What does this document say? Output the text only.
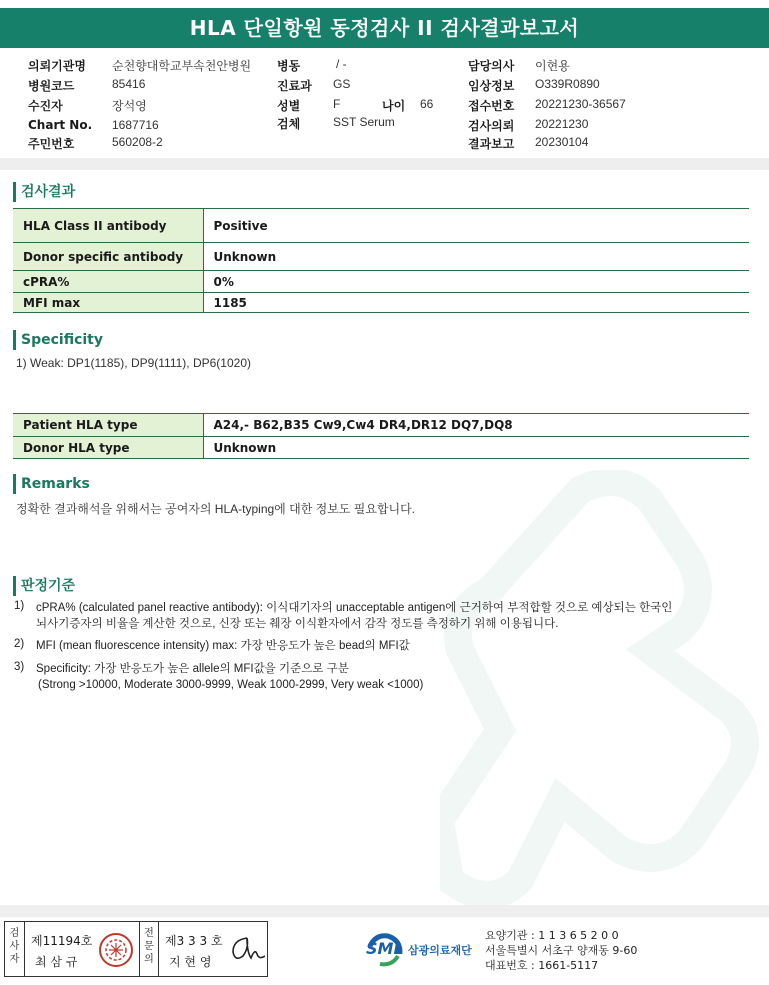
HLA 단일항원 동정검사 II 검사결과보고서
의뢰기관명 순천향대학교부속천안병원
병원코드	85416
수진자	장석영
Chart No. 1687716
주민번호	560208-2
병동	/ -
진료과 GS
성별	F	나이 66
검체	SST Serum
담당의사 이현용
임상정보 O339R0890
접수번호 20221230-36567
검사의뢰 20221230
결과보고 20230104
검사결과
HLA Class II antibody	Positive
Donor specific antibody	Unknown
cPRA%	0%
MFI max	1185
Specificity
1) Weak: DP1(1185), DP9(1111), DP6(1020)
Patient HLA type	A24,- B62,B35 Cw9,Cw4 DR4,DR12 DQ7,DQ8
Donor HLA type	Unknown
Remarks
정확한 결과해석을 위해서는 공여자의 HLA-typing에 대한 정보도 필요합니다.
판정기준
1) cPRA% (calculated panel reactive antibody): 이식대기자의 unacceptable antigen에 근거하여 부적합할 것으로 예상되는 한국인
뇌사기증자의 비율을 계산한 것으로, 신장 또는 췌장 이식환자에서 감작 정도를 측정하기 위해 이용됩니다.
2) MFI (mean fluorescence intensity) max: 가장 반응도가 높은 bead의 MFI값
3) Specificity: 가장 반응도가 높은 allele의 MFI값을 기준으로 구분
(Strong >10000, Moderate 3000-9999, Weak 1000-2999, Very weak <1000)
검사자
제11194호
최 삼 규
전문의
제3 3 3 호
지 현 영
SML 삼광의료재단
요양기관 : 1 1 3 6 5 2 0 0
서울특별시 서초구 양재동 9-60
대표번호 : 1661-5117
